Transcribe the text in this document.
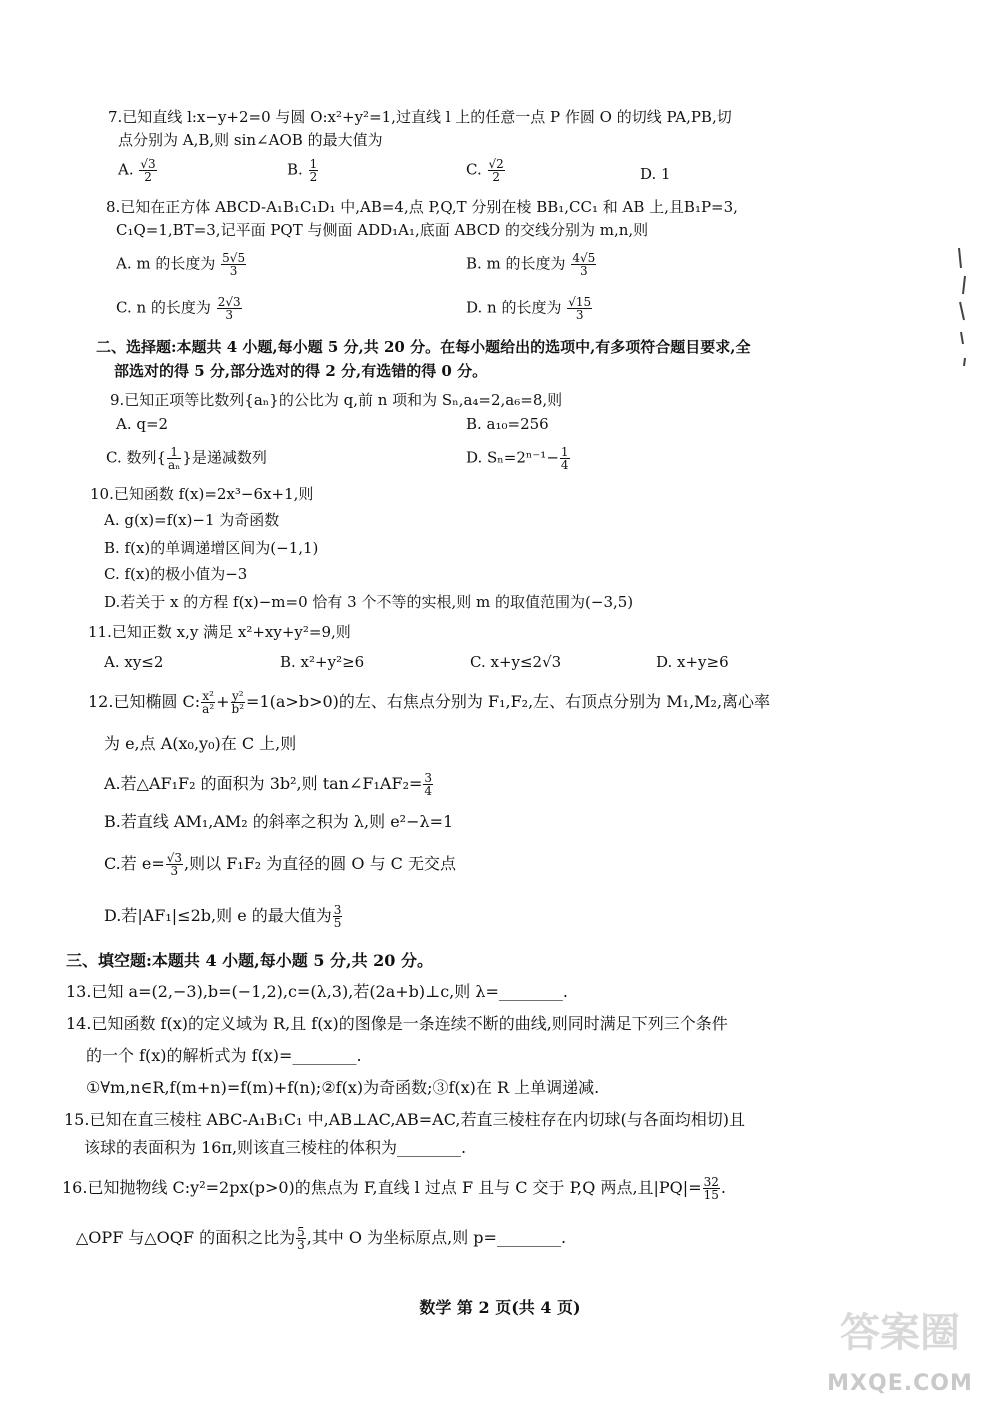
7.已知直线 l:x−y+2=0 与圆 O:x²+y²=1,过直线 l 上的任意一点 P 作圆 O 的切线 PA,PB,切
点分别为 A,B,则 sin∠AOB 的最大值为
A. $\frac{√3}{2}$	B. $\frac{1}{2}$	C. $\frac{√2}{2}$	D. 1
8.已知在正方体 ABCD-A₁B₁C₁D₁ 中,AB=4,点 P,Q,T 分别在棱 BB₁,CC₁ 和 AB 上,且B₁P=3,
C₁Q=1,BT=3,记平面 PQT 与侧面 ADD₁A₁,底面 ABCD 的交线分别为 m,n,则
A. m 的长度为 $\frac{5√5}{3}$	B. m 的长度为 $\frac{4√5}{3}$
C. n 的长度为 $\frac{2√3}{3}$	D. n 的长度为 $\frac{√15}{3}$
二、选择题:本题共 4 小题,每小题 5 分,共 20 分。在每小题给出的选项中,有多项符合题目要求,全
部选对的得 5 分,部分选对的得 2 分,有选错的得 0 分。
9.已知正项等比数列{aₙ}的公比为 q,前 n 项和为 Sₙ,a₄=2,a₆=8,则
A. q=2	B. a₁₀=256
C. 数列{ $\frac{1}{\text{aₙ}}$ }是递减数列	D. $S_n=2^{n-1}- \frac{1}{4}$
10.已知函数 f(x)=2x³−6x+1,则
A. g(x)=f(x)−1 为奇函数
B. f(x)的单调递增区间为(−1,1)
C. f(x)的极小值为−3
D.若关于 x 的方程 f(x)−m=0 恰有 3 个不等的实根,则 m 的取值范围为(−3,5)
11.已知正数 x,y 满足 x²+xy+y²=9,则
A. xy≤2	B. x²+y²≥6	C. x+y≤2√3	D. x+y≥6
12.已知椭圆 C: $\frac{\text{x²}}{\text{a²}} + \frac{\text{y²}}{\text{b²}} =1(a>b>0)$的左、右焦点分别为 F₁,F₂,左、右顶点分别为 M₁,M₂,离心率
为 e,点 A(x₀,y₀)在 C 上,则
A.若△AF₁F₂ 的面积为 3b²,则 tan∠F₁AF₂= $\frac{3}{4}$
B.若直线 AM₁,AM₂ 的斜率之积为 λ,则 e²−λ=1
C.若 $e= \frac{√3}{3}$ ,则以 F₁F₂ 为直径的圆 O 与 C 无交点
D.若|AF₁|≤2b,则 e 的最大值为 $\frac{3}{5}$
三、填空题:本题共 4 小题,每小题 5 分,共 20 分。
13.已知 a=(2,−3),b=(−1,2),c=(λ,3),若(2a+b)⊥c,则 λ=________.
14.已知函数 f(x)的定义域为 R,且 f(x)的图像是一条连续不断的曲线,则同时满足下列三个条件
的一个 f(x)的解析式为 f(x)=________.
①∀m,n∈R,f(m+n)=f(m)+f(n);②f(x)为奇函数;③f(x)在 R 上单调递减.
15.已知在直三棱柱 ABC-A₁B₁C₁ 中,AB⊥AC,AB=AC,若直三棱柱存在内切球(与各面均相切)且
该球的表面积为 16π,则该直三棱柱的体积为________.
16.已知抛物线 C:y²=2px(p>0)的焦点为 F,直线 l 过点 F 且与 C 交于 P,Q 两点,且$|PQ|= \frac{32}{15}$ .
△OPF 与△OQF 的面积之比为 $\frac{5}{3}$ ,其中 O 为坐标原点,则 p=________.
数学 第 2 页(共 4 页)
答案圈
MXQE.COM
